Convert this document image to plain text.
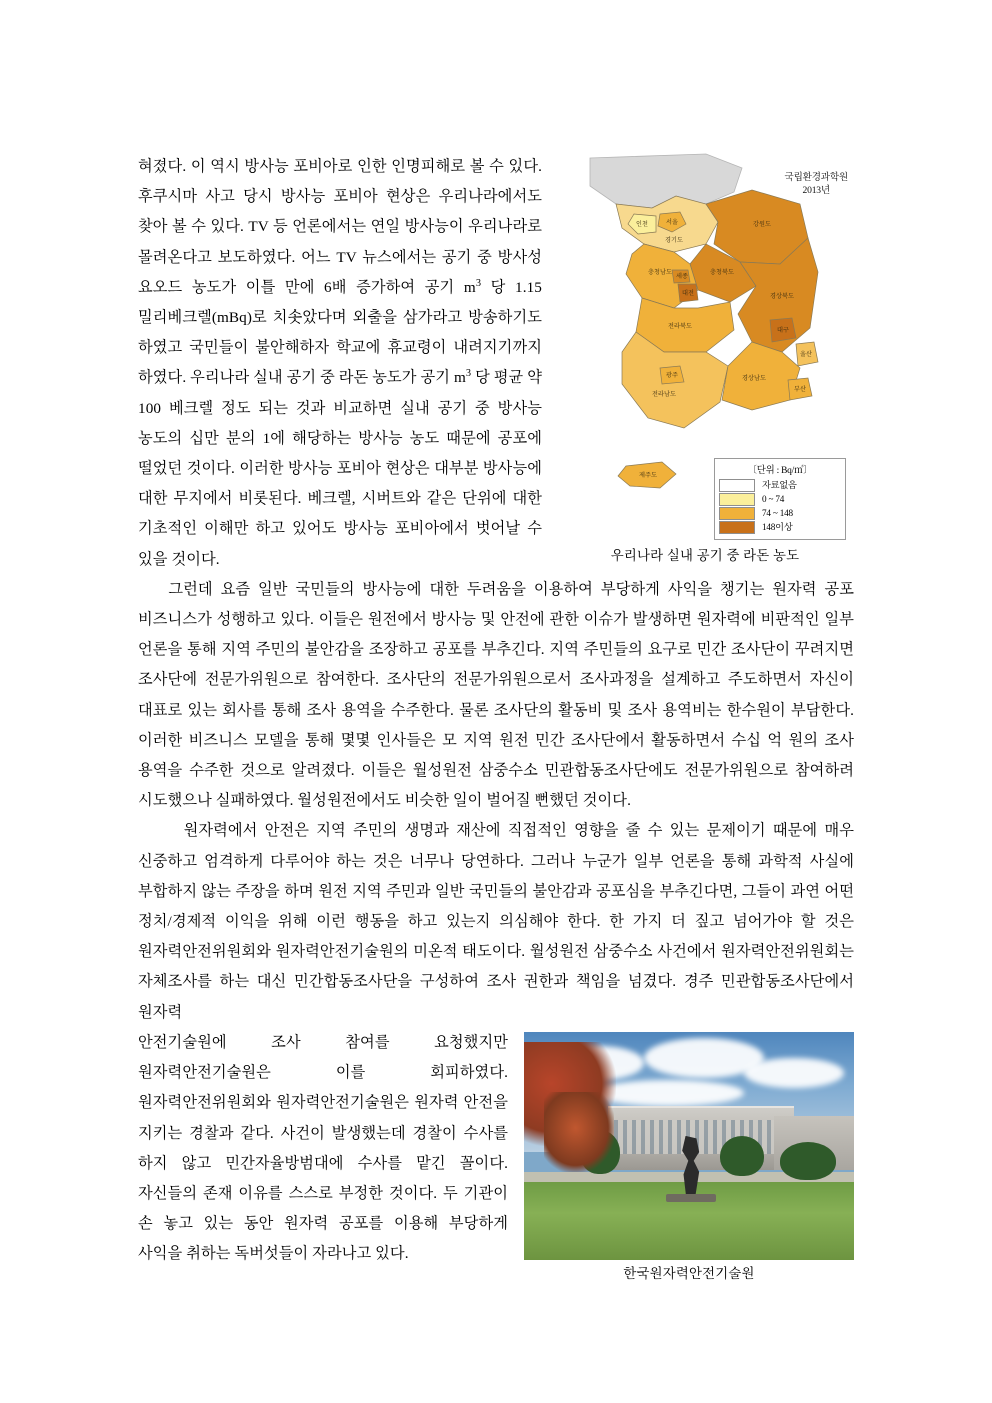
서울
인천
경기도
강원도
충청북도
충청남도
대전
세종
전라북도
전라남도
경상북도
대구
경상남도
울산
부산
광주
제주도
국립환경과학원
2013년
〔단위 : Bq/㎥〕
자료없음
0 ~ 74
74 ~ 148
148이상
우리나라 실내 공기 중 라돈 농도

혀졌다. 이 역시 방사능 포비아로 인한 인명피해로 볼 수 있다. 후쿠시마 사고 당시 방사능 포비아 현상은 우리나라에서도 찾아 볼 수 있다. TV 등 언론에서는 연일 방사능이 우리나라로 몰려온다고 보도하였다. 어느 TV 뉴스에서는 공기 중 방사성 요오드 농도가 이틀 만에 6배 증가하여 공기 $m^3$ 당 1.15 밀리베크렐(mBq)로 치솟았다며 외출을 삼가라고 방송하기도 하였고 국민들이 불안해하자 학교에 휴교령이 내려지기까지 하였다. 우리나라 실내 공기 중 라돈 농도가 공기 $m^3$ 당 평균 약 100 베크렐 정도 되는 것과 비교하면 실내 공기 중 방사능 농도의 십만 분의 1에 해당하는 방사능 농도 때문에 공포에 떨었던 것이다. 이러한 방사능 포비아 현상은 대부분 방사능에 대한 무지에서 비롯된다. 베크렐, 시버트와 같은 단위에 대한 기초적인 이해만 하고 있어도 방사능 포비아에서 벗어날 수 있을 것이다.

그런데 요즘 일반 국민들의 방사능에 대한 두려움을 이용하여 부당하게 사익을 챙기는 원자력 공포 비즈니스가 성행하고 있다. 이들은 원전에서 방사능 및 안전에 관한 이슈가 발생하면 원자력에 비판적인 일부 언론을 통해 지역 주민의 불안감을 조장하고 공포를 부추긴다. 지역 주민들의 요구로 민간 조사단이 꾸려지면 조사단에 전문가위원으로 참여한다. 조사단의 전문가위원으로서 조사과정을 설계하고 주도하면서 자신이 대표로 있는 회사를 통해 조사 용역을 수주한다. 물론 조사단의 활동비 및 조사 용역비는 한수원이 부담한다. 이러한 비즈니스 모델을 통해 몇몇 인사들은 모 지역 원전 민간 조사단에서 활동하면서 수십 억 원의 조사 용역을 수주한 것으로 알려졌다. 이들은 월성원전 삼중수소 민관합동조사단에도 전문가위원으로 참여하려 시도했으나 실패하였다. 월성원전에서도 비슷한 일이 벌어질 뻔했던 것이다.

원자력에서 안전은 지역 주민의 생명과 재산에 직접적인 영향을 줄 수 있는 문제이기 때문에 매우 신중하고 엄격하게 다루어야 하는 것은 너무나 당연하다. 그러나 누군가 일부 언론을 통해 과학적 사실에 부합하지 않는 주장을 하며 원전 지역 주민과 일반 국민들의 불안감과 공포심을 부추긴다면, 그들이 과연 어떤 정치/경제적 이익을 위해 이런 행동을 하고 있는지 의심해야 한다. 한 가지 더 짚고 넘어가야 할 것은 원자력안전위원회와 원자력안전기술원의 미온적 태도이다. 월성원전 삼중수소 사건에서 원자력안전위원회는 자체조사를 하는 대신 민간합동조사단을 구성하여 조사 권한과 책임을 넘겼다. 경주 민관합동조사단에서 원자력

한국원자력안전기술원

안전기술원에 조사 참여를 요청했지만 원자력안전기술원은 이를 회피하였다. 원자력안전위원회와 원자력안전기술원은 원자력 안전을 지키는 경찰과 같다. 사건이 발생했는데 경찰이 수사를 하지 않고 민간자율방범대에 수사를 맡긴 꼴이다. 자신들의 존재 이유를 스스로 부정한 것이다. 두 기관이 손 놓고 있는 동안 원자력 공포를 이용해 부당하게 사익을 취하는 독버섯들이 자라나고 있다.
